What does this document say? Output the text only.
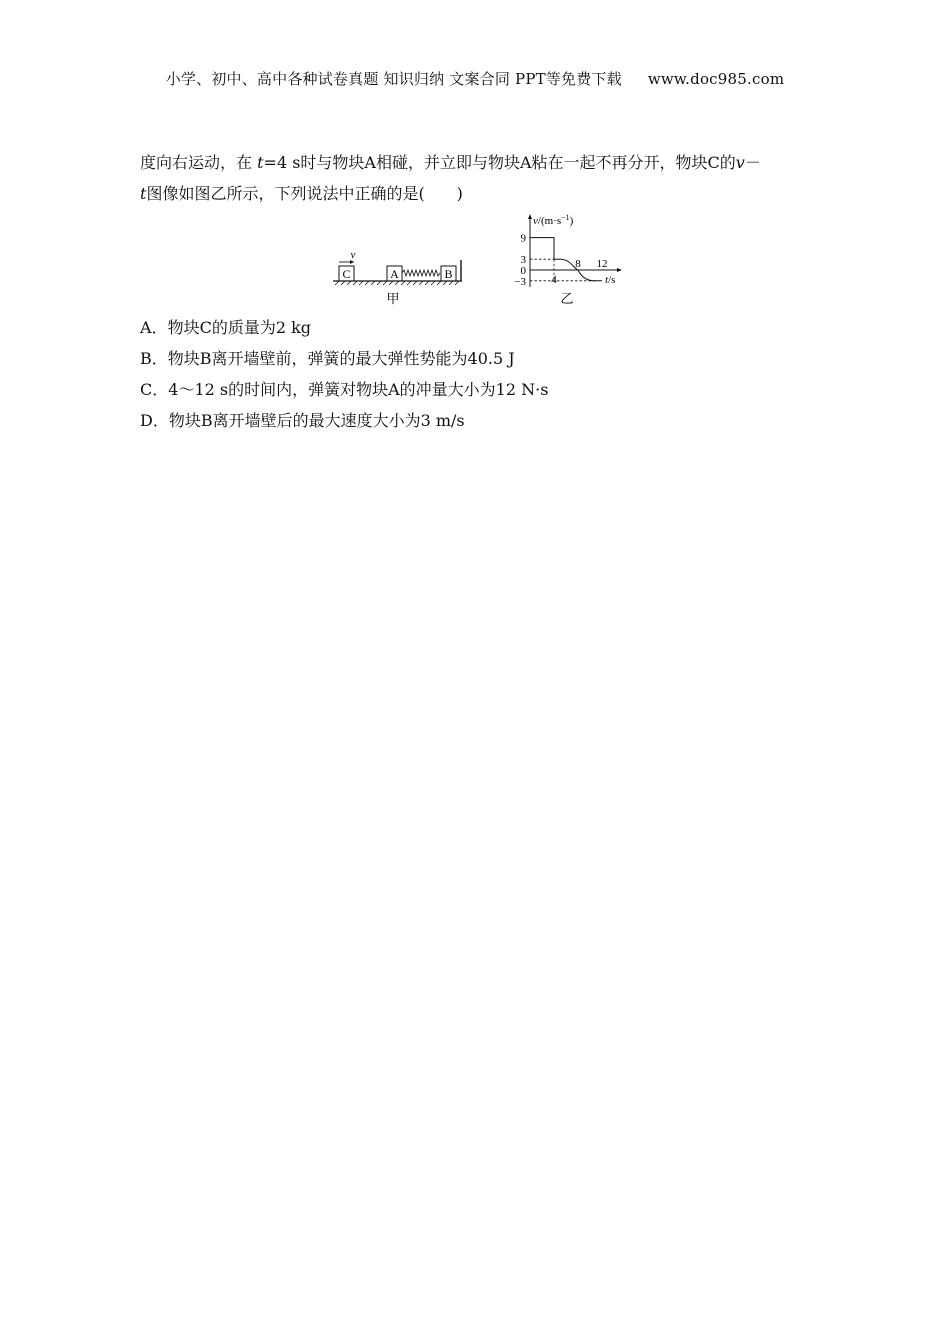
小学、初中、高中各种试卷真题 知识归纳 文案合同 PPT等免费下载 www.doc985.com
度向右运动，在 t=4 s时与物块A相碰，并立即与物块A粘在一起不再分开，物块C的v－
t图像如图乙所示，下列说法中正确的是(　　)
C
v
A	B
甲
$v/(m\cdot s^{-1})$
t/s
9
3
0
−3 4
8 12
乙
A．物块C的质量为2 kg
B．物块B离开墙壁前，弹簧的最大弹性势能为40.5 J
C．4～12 s的时间内，弹簧对物块A的冲量大小为12 N·s
D．物块B离开墙壁后的最大速度大小为3 m/s
